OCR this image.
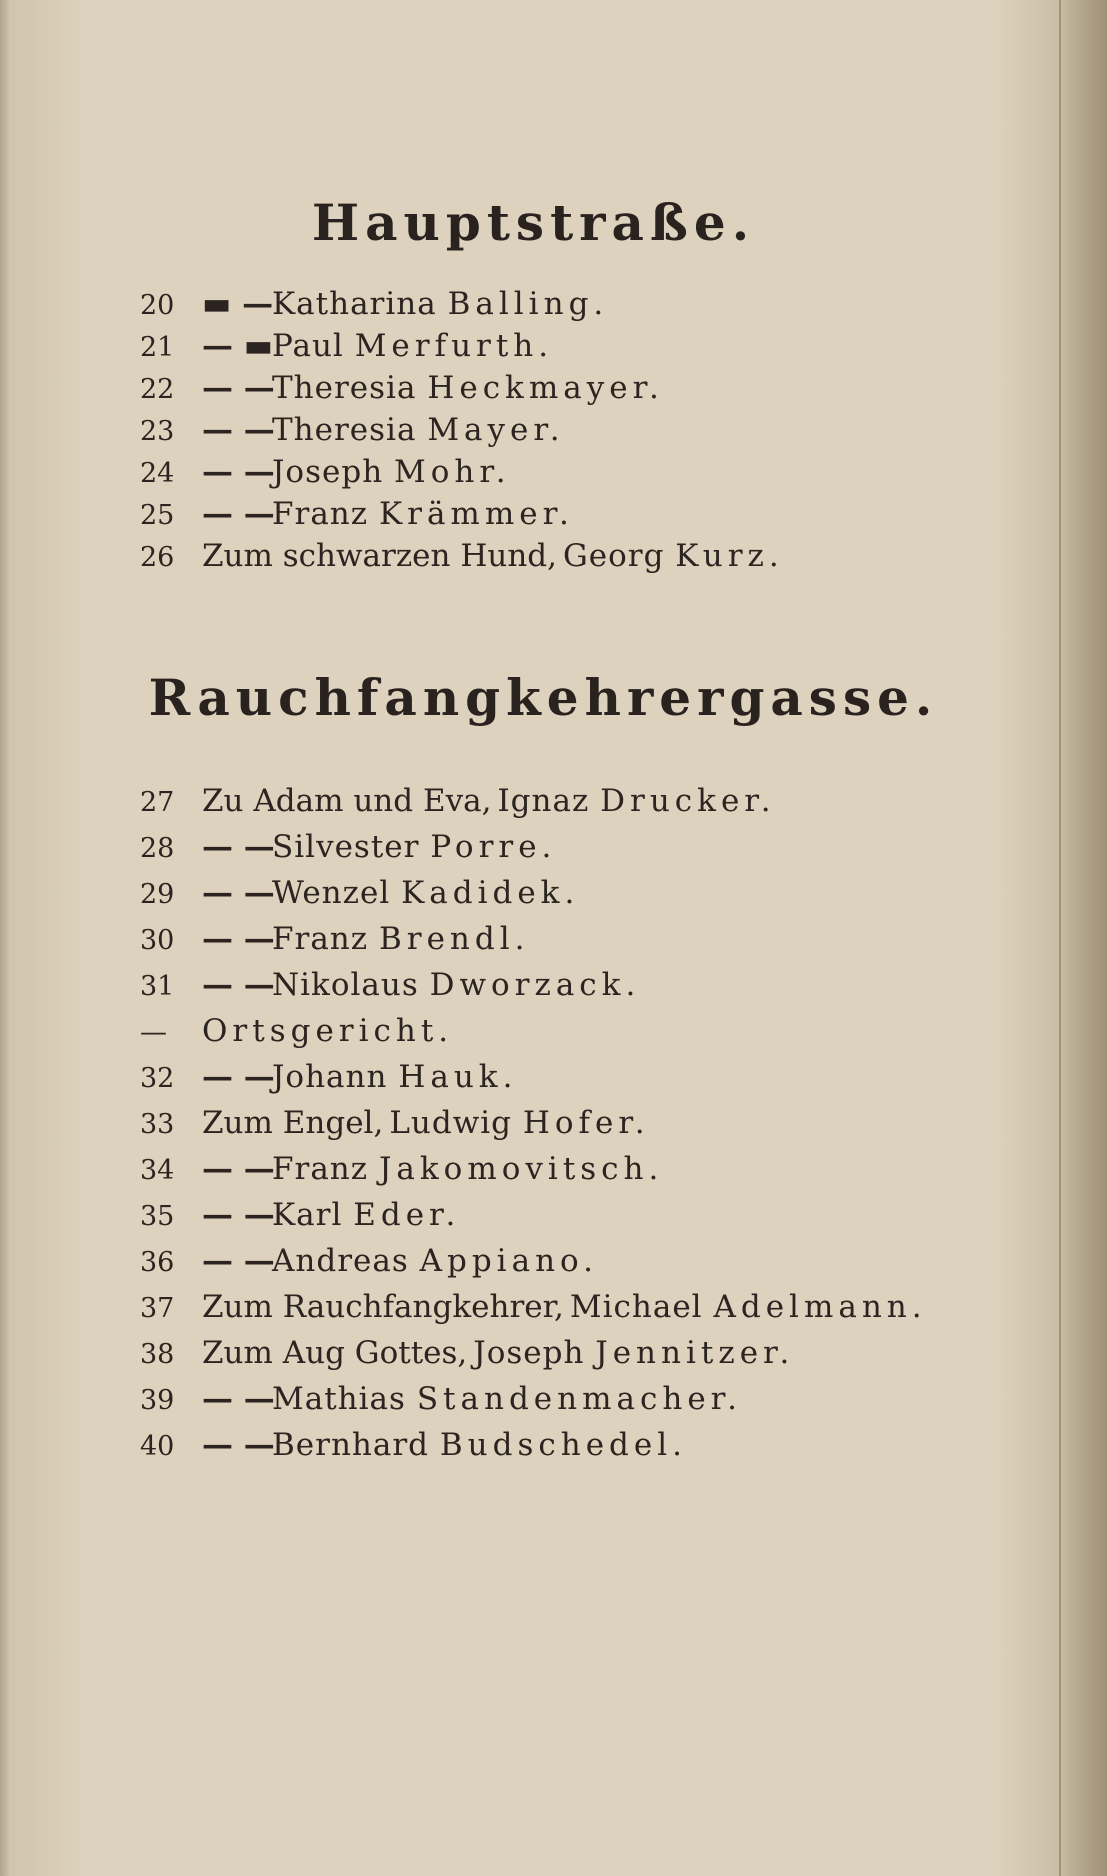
Hauptstraße.
20 ▬ —Katharina Balling.
21 — ▬Paul Merfurth.
22 — —Theresia Heckmayer.
23 — —Theresia Mayer.
24 — —Joseph Mohr.
25 — —Franz Krämmer.
26 Zum schwarzen Hund, Georg Kurz.
Rauchfangkehrergasse.
27 Zu Adam und Eva, Ignaz Drucker.
28 — —Silvester Porre.
29 — —Wenzel Kadidek.
30 — —Franz Brendl.
31 — —Nikolaus Dworzack.
— Ortsgericht.
32 — —Johann Hauk.
33 Zum Engel, Ludwig Hofer.
34 — —Franz Jakomovitsch.
35 — —Karl Eder.
36 — —Andreas Appiano.
37 Zum Rauchfangkehrer, Michael Adelmann.
38 Zum Aug Gottes, Joseph Jennitzer.
39 — —Mathias Standenmacher.
40 — —Bernhard Budschedel.
